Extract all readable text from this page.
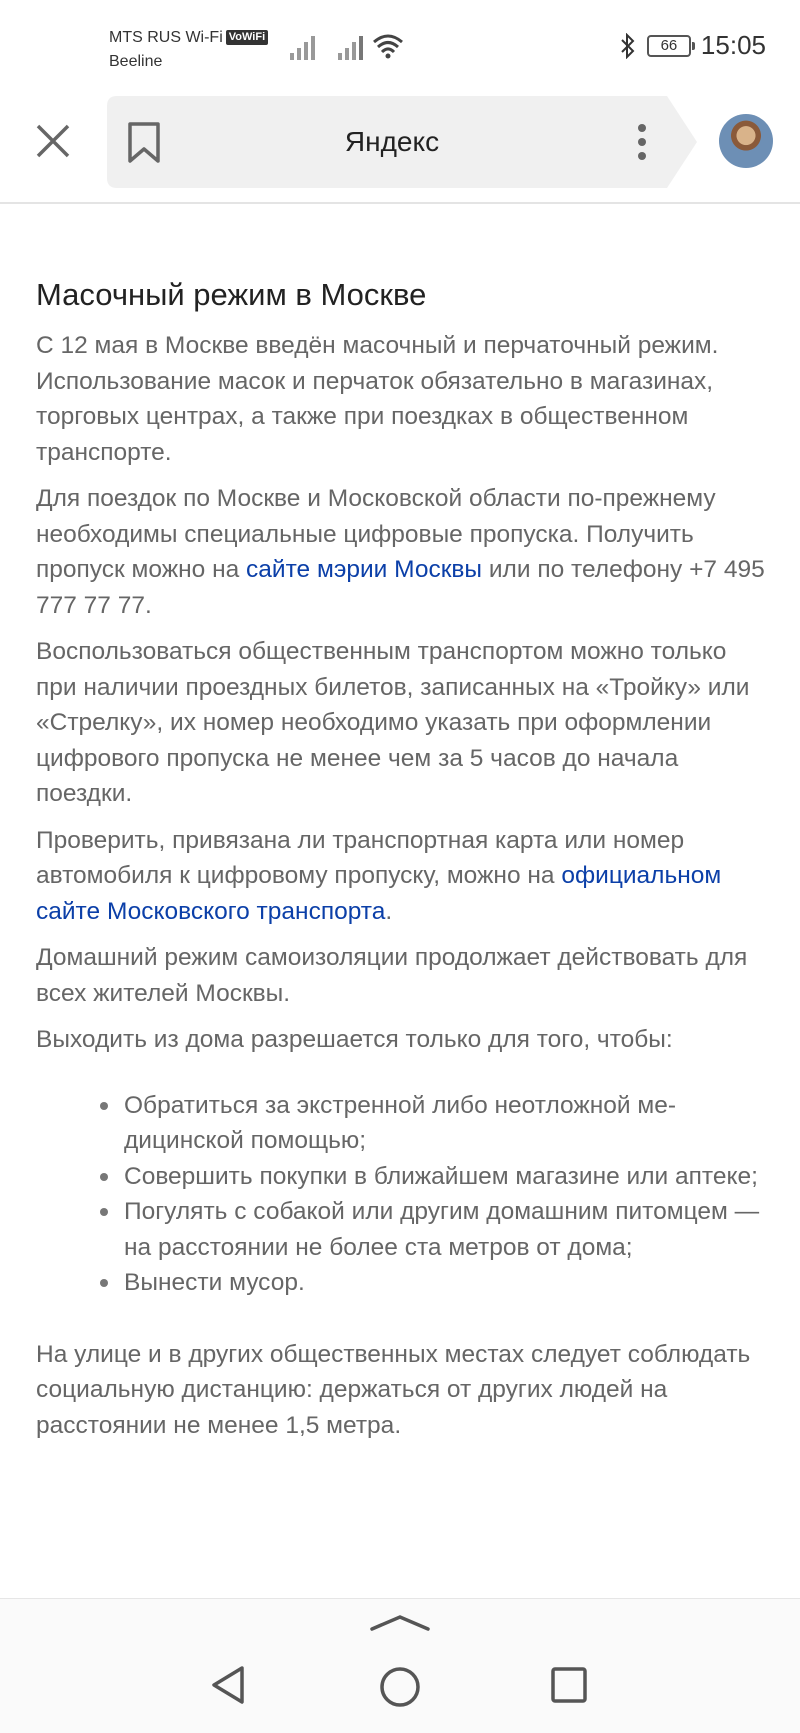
MTS RUS Wi-Fi VoWiFi
Beeline
66 15:05
Яндекс
Масочный режим в Москве

С 12 мая в Москве введён масочный и перчаточный режим. Использование масок и перчаток обязательно в магазинах, торговых центрах, а также при поездках в общественном транспорте.

Для поездок по Москве и Московской области по-прежнему необходимы специальные цифровые пропуска. Получить пропуск можно на сайте мэрии Москвы или по телефону +7 495 777 77 77.

Воспользоваться общественным транспортом можно только при наличии проездных билетов, записанных на «Тройку» или «Стрелку», их номер необходимо указать при оформлении цифрового пропуска не менее чем за 5 часов до начала поездки.

Проверить, привязана ли транспортная карта или номер автомобиля к цифровому пропуску, можно на официальном сайте Московского транспорта.

Домашний режим самоизоляции продолжает действовать для всех жителей Москвы.

Выходить из дома разрешается только для того, чтобы:

Обратиться за экстренной либо неотложной медицинской помощью;
Совершить покупки в ближайшем магазине или аптеке;
Погулять с собакой или другим домашним питомцем — на расстоянии не более ста метров от дома;
Вынести мусор.

На улице и в других общественных местах следует соблюдать социальную дистанцию: держаться от других людей на расстоянии не менее 1,5 метра.
